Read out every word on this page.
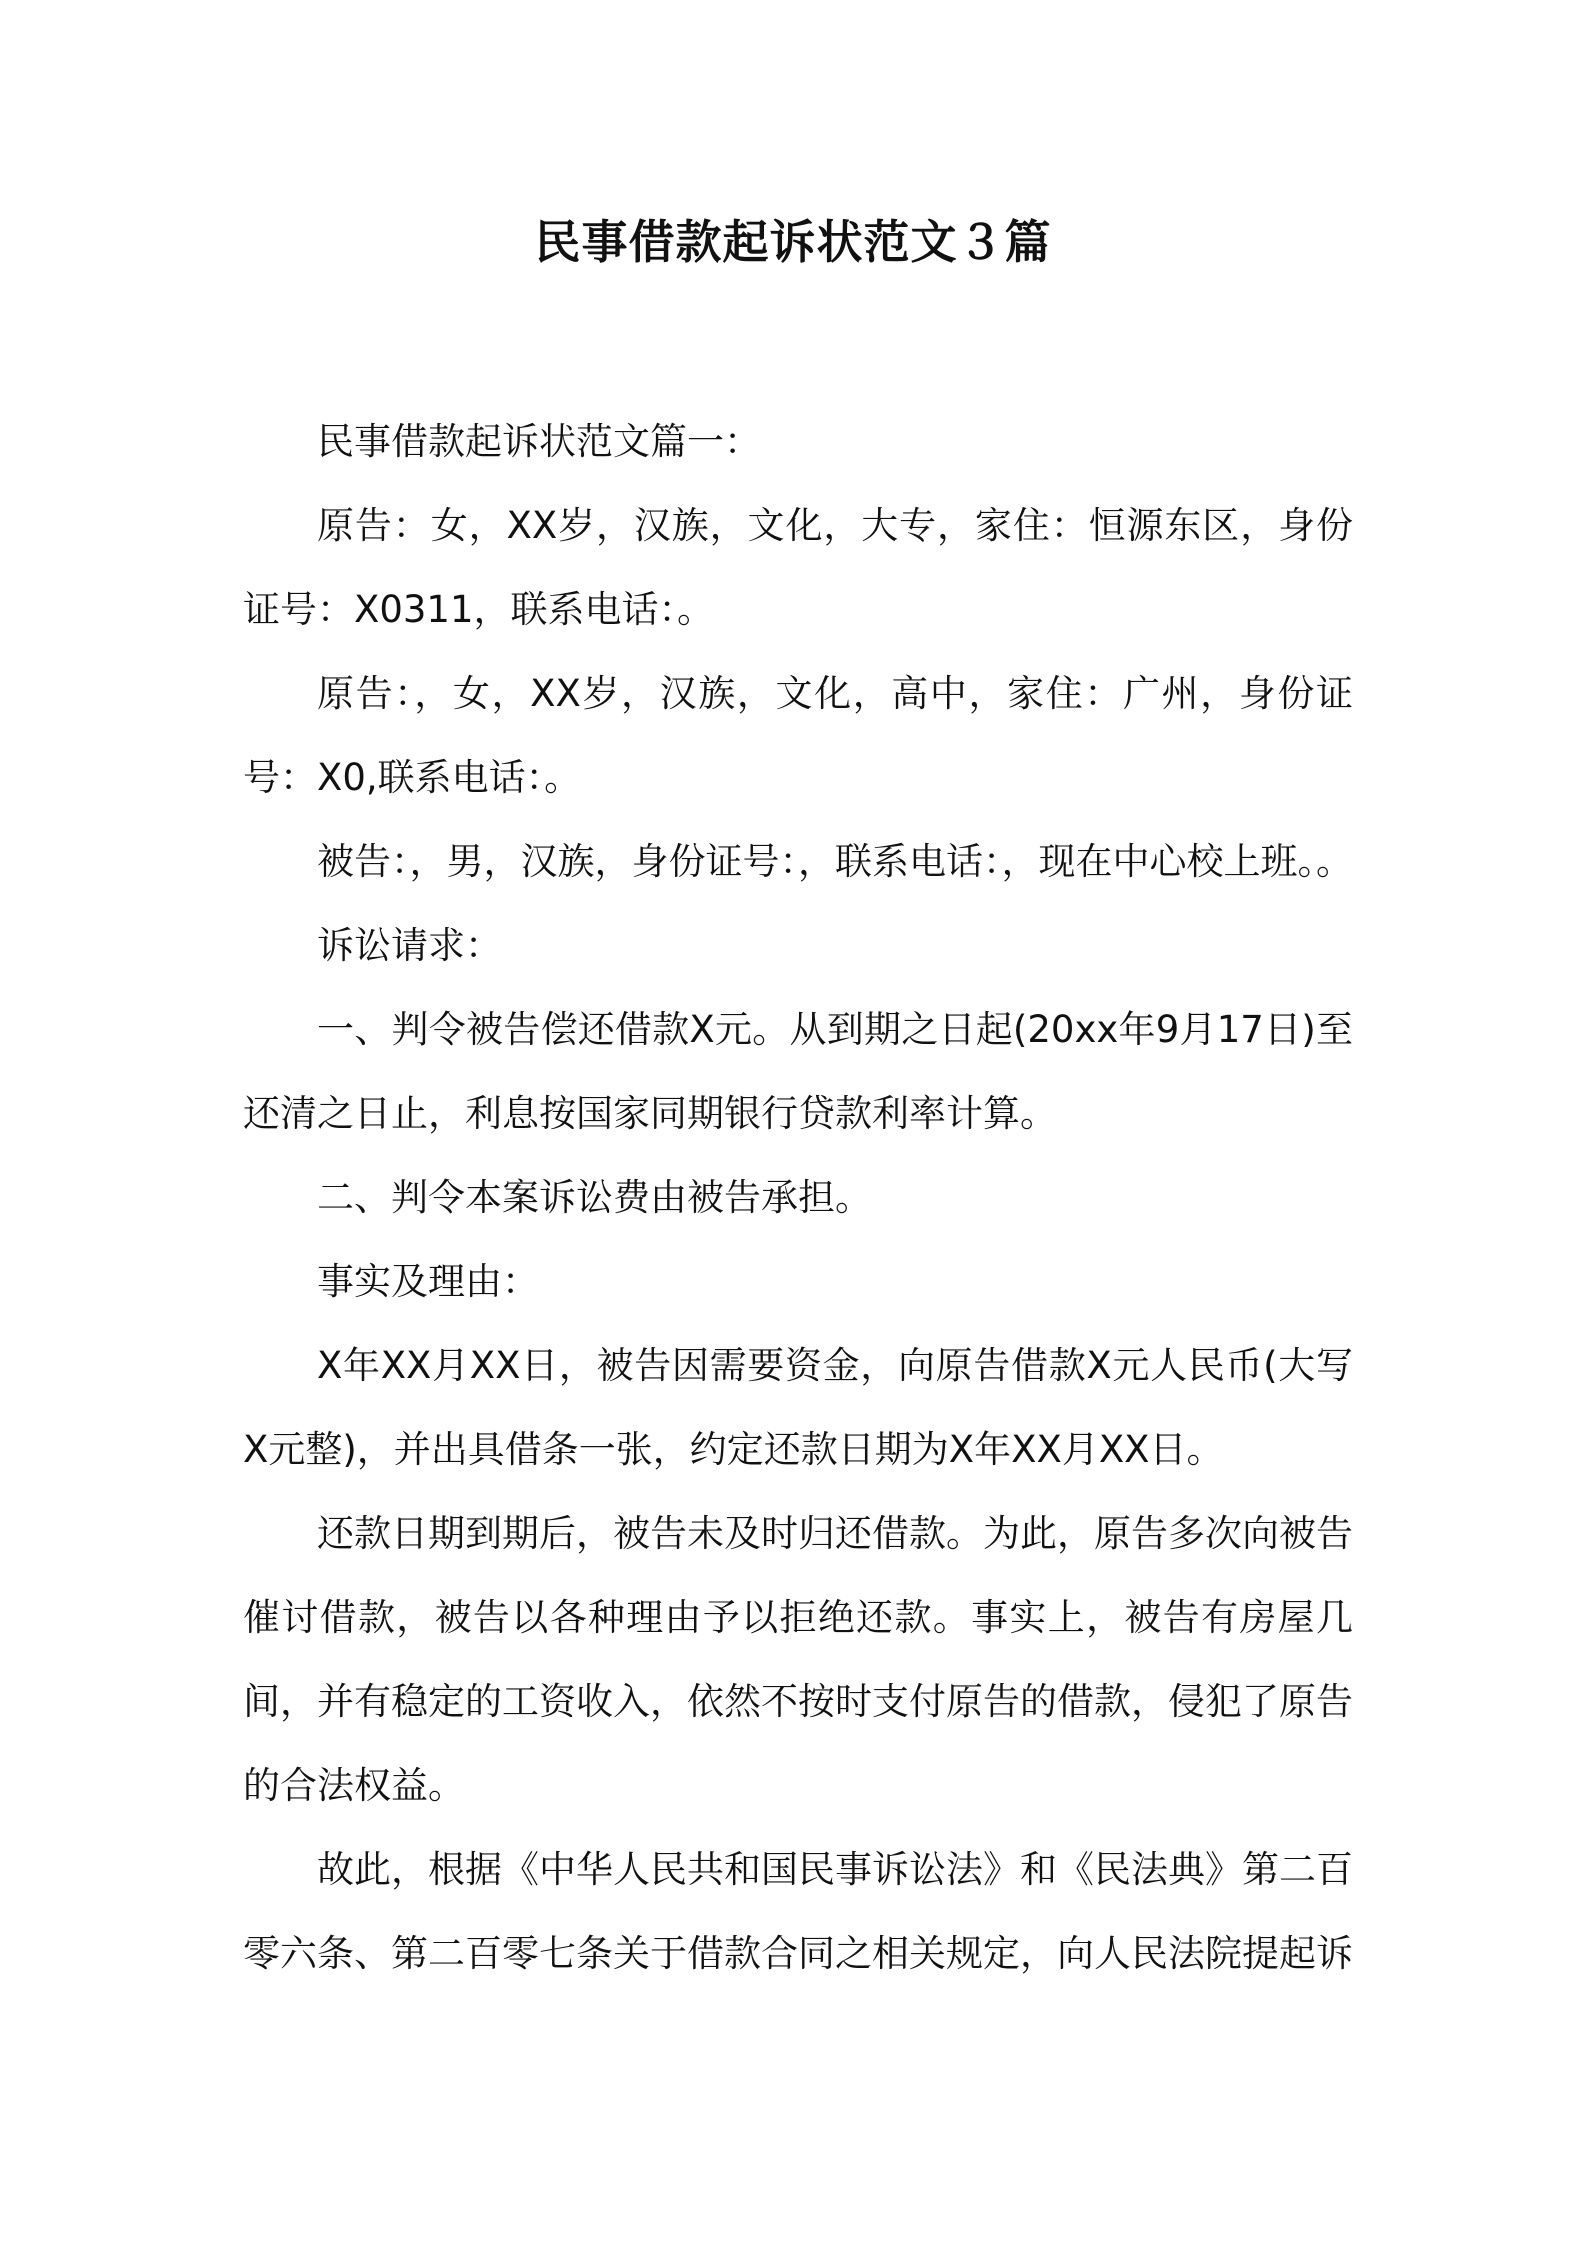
民事借款起诉状范文３篇

民事借款起诉状范文篇一：

原告：女，XX岁，汉族，文化，大专，家住：恒源东区，身份证号：X0311，联系电话：。

原告：，女，XX岁，汉族，文化，高中，家住：广州，身份证号：X0,联系电话：。

被告：，男，汉族，身份证号：，联系电话：，现在中心校上班。。

诉讼请求：

一、判令被告偿还借款X元。从到期之日起(20xx年9月17日)至还清之日止，利息按国家同期银行贷款利率计算。

二、判令本案诉讼费由被告承担。

事实及理由：

X年XX月XX日，被告因需要资金，向原告借款X元人民币(大写X元整)，并出具借条一张，约定还款日期为X年XX月XX日。

还款日期到期后，被告未及时归还借款。为此，原告多次向被告催讨借款，被告以各种理由予以拒绝还款。事实上，被告有房屋几间，并有稳定的工资收入，依然不按时支付原告的借款，侵犯了原告的合法权益。

故此，根据《中华人民共和国民事诉讼法》和《民法典》第二百零六条、第二百零七条关于借款合同之相关规定，向人民法院提起诉
